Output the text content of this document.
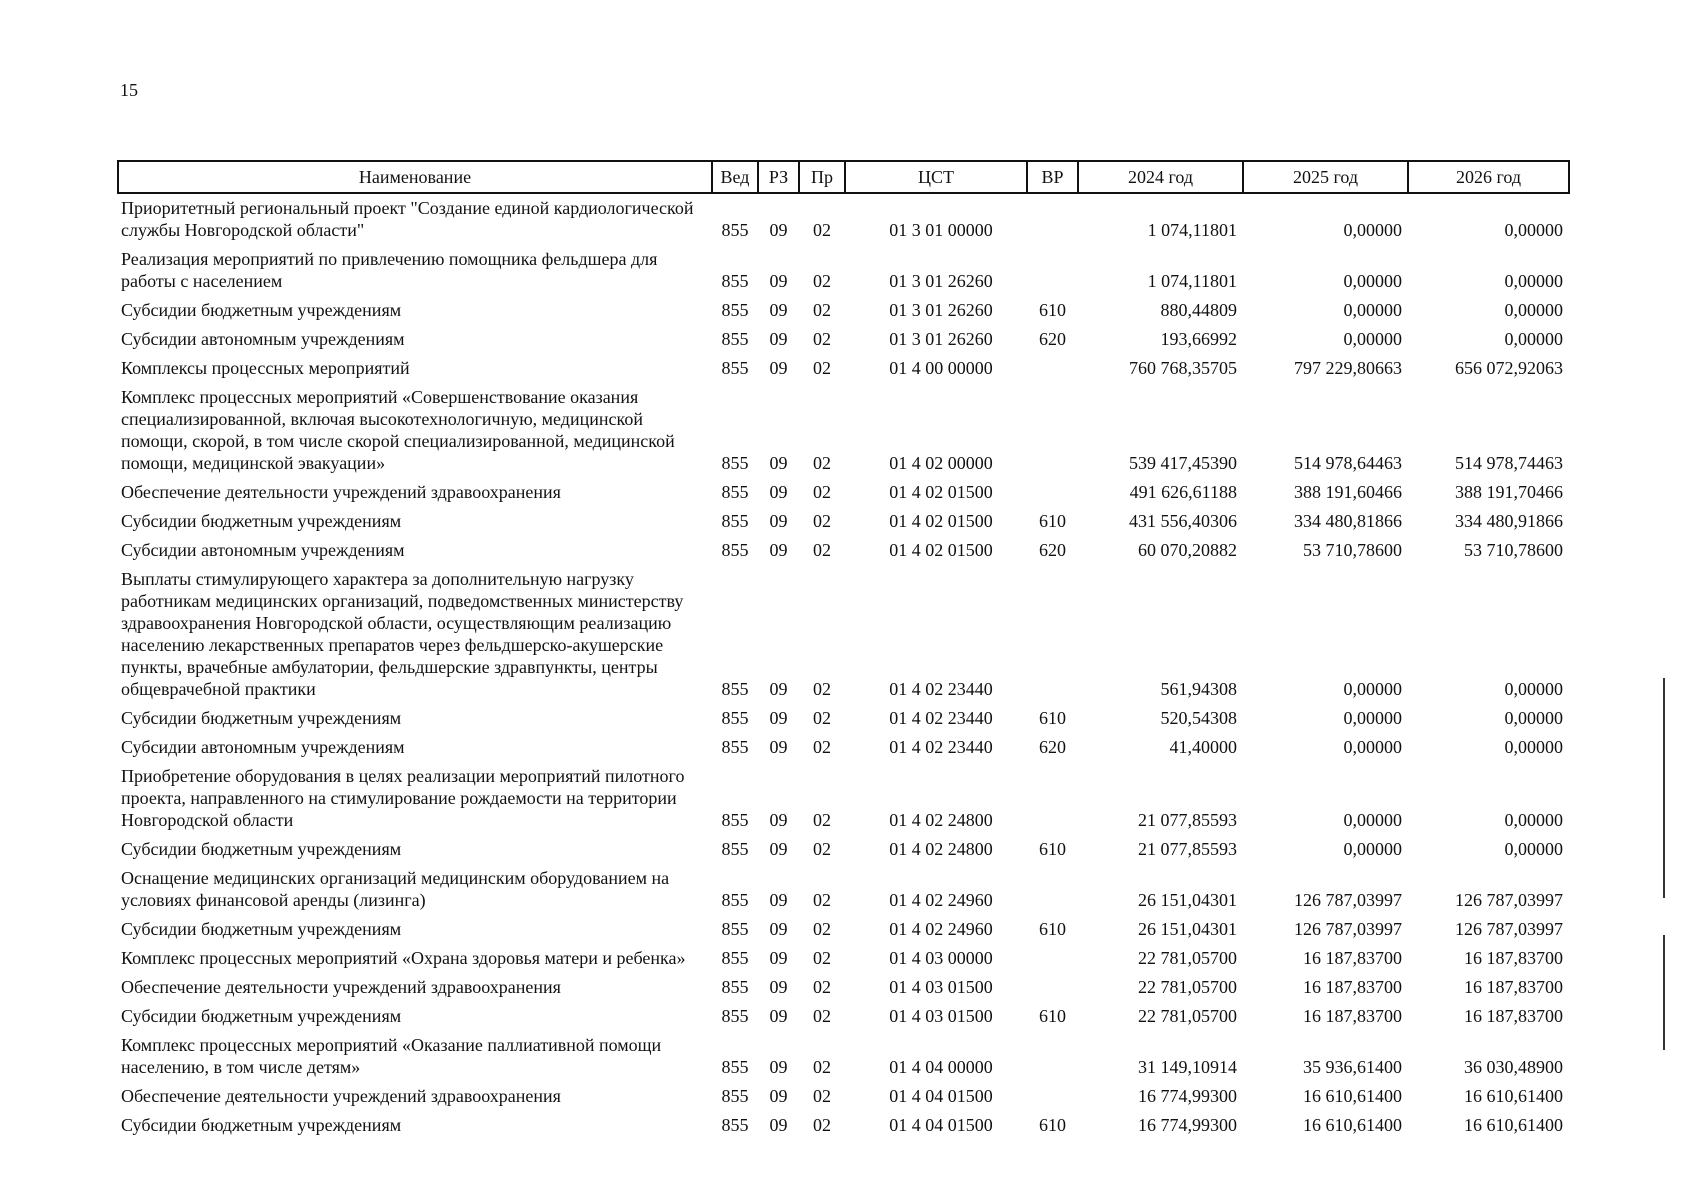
15
Наименование	Вед	РЗ	Пр	ЦСТ	ВР	2024 год	2025 год	2026 год
Приоритетный региональный проект "Создание единой кардиологической службы Новгородской области"	855	09	02	01 3 01 00000		1 074,11801	0,00000	0,00000
Реализация мероприятий по привлечению помощника фельдшера для работы с населением	855	09	02	01 3 01 26260		1 074,11801	0,00000	0,00000
Субсидии бюджетным учреждениям	855	09	02	01 3 01 26260	610	880,44809	0,00000	0,00000
Субсидии автономным учреждениям	855	09	02	01 3 01 26260	620	193,66992	0,00000	0,00000
Комплексы процессных мероприятий	855	09	02	01 4 00 00000		760 768,35705	797 229,80663	656 072,92063
Комплекс процессных мероприятий «Совершенствование оказания специализированной, включая высокотехнологичную, медицинской помощи, скорой, в том числе скорой специализированной, медицинской помощи, медицинской эвакуации»	855	09	02	01 4 02 00000		539 417,45390	514 978,64463	514 978,74463
Обеспечение деятельности учреждений здравоохранения	855	09	02	01 4 02 01500		491 626,61188	388 191,60466	388 191,70466
Субсидии бюджетным учреждениям	855	09	02	01 4 02 01500	610	431 556,40306	334 480,81866	334 480,91866
Субсидии автономным учреждениям	855	09	02	01 4 02 01500	620	60 070,20882	53 710,78600	53 710,78600
Выплаты стимулирующего характера за дополнительную нагрузку работникам медицинских организаций, подведомственных министерству здравоохранения Новгородской области, осуществляющим реализацию населению лекарственных препаратов через фельдшерско-акушерские пункты, врачебные амбулатории, фельдшерские здравпункты, центры общеврачебной практики	855	09	02	01 4 02 23440		561,94308	0,00000	0,00000
Субсидии бюджетным учреждениям	855	09	02	01 4 02 23440	610	520,54308	0,00000	0,00000
Субсидии автономным учреждениям	855	09	02	01 4 02 23440	620	41,40000	0,00000	0,00000
Приобретение оборудования в целях реализации мероприятий пилотного проекта, направленного на стимулирование рождаемости на территории Новгородской области	855	09	02	01 4 02 24800		21 077,85593	0,00000	0,00000
Субсидии бюджетным учреждениям	855	09	02	01 4 02 24800	610	21 077,85593	0,00000	0,00000
Оснащение медицинских организаций медицинским оборудованием на условиях финансовой аренды (лизинга)	855	09	02	01 4 02 24960		26 151,04301	126 787,03997	126 787,03997
Субсидии бюджетным учреждениям	855	09	02	01 4 02 24960	610	26 151,04301	126 787,03997	126 787,03997
Комплекс процессных мероприятий «Охрана здоровья матери и ребенка»	855	09	02	01 4 03 00000		22 781,05700	16 187,83700	16 187,83700
Обеспечение деятельности учреждений здравоохранения	855	09	02	01 4 03 01500		22 781,05700	16 187,83700	16 187,83700
Субсидии бюджетным учреждениям	855	09	02	01 4 03 01500	610	22 781,05700	16 187,83700	16 187,83700
Комплекс процессных мероприятий «Оказание паллиативной помощи населению, в том числе детям»	855	09	02	01 4 04 00000		31 149,10914	35 936,61400	36 030,48900
Обеспечение деятельности учреждений здравоохранения	855	09	02	01 4 04 01500		16 774,99300	16 610,61400	16 610,61400
Субсидии бюджетным учреждениям	855	09	02	01 4 04 01500	610	16 774,99300	16 610,61400	16 610,61400
